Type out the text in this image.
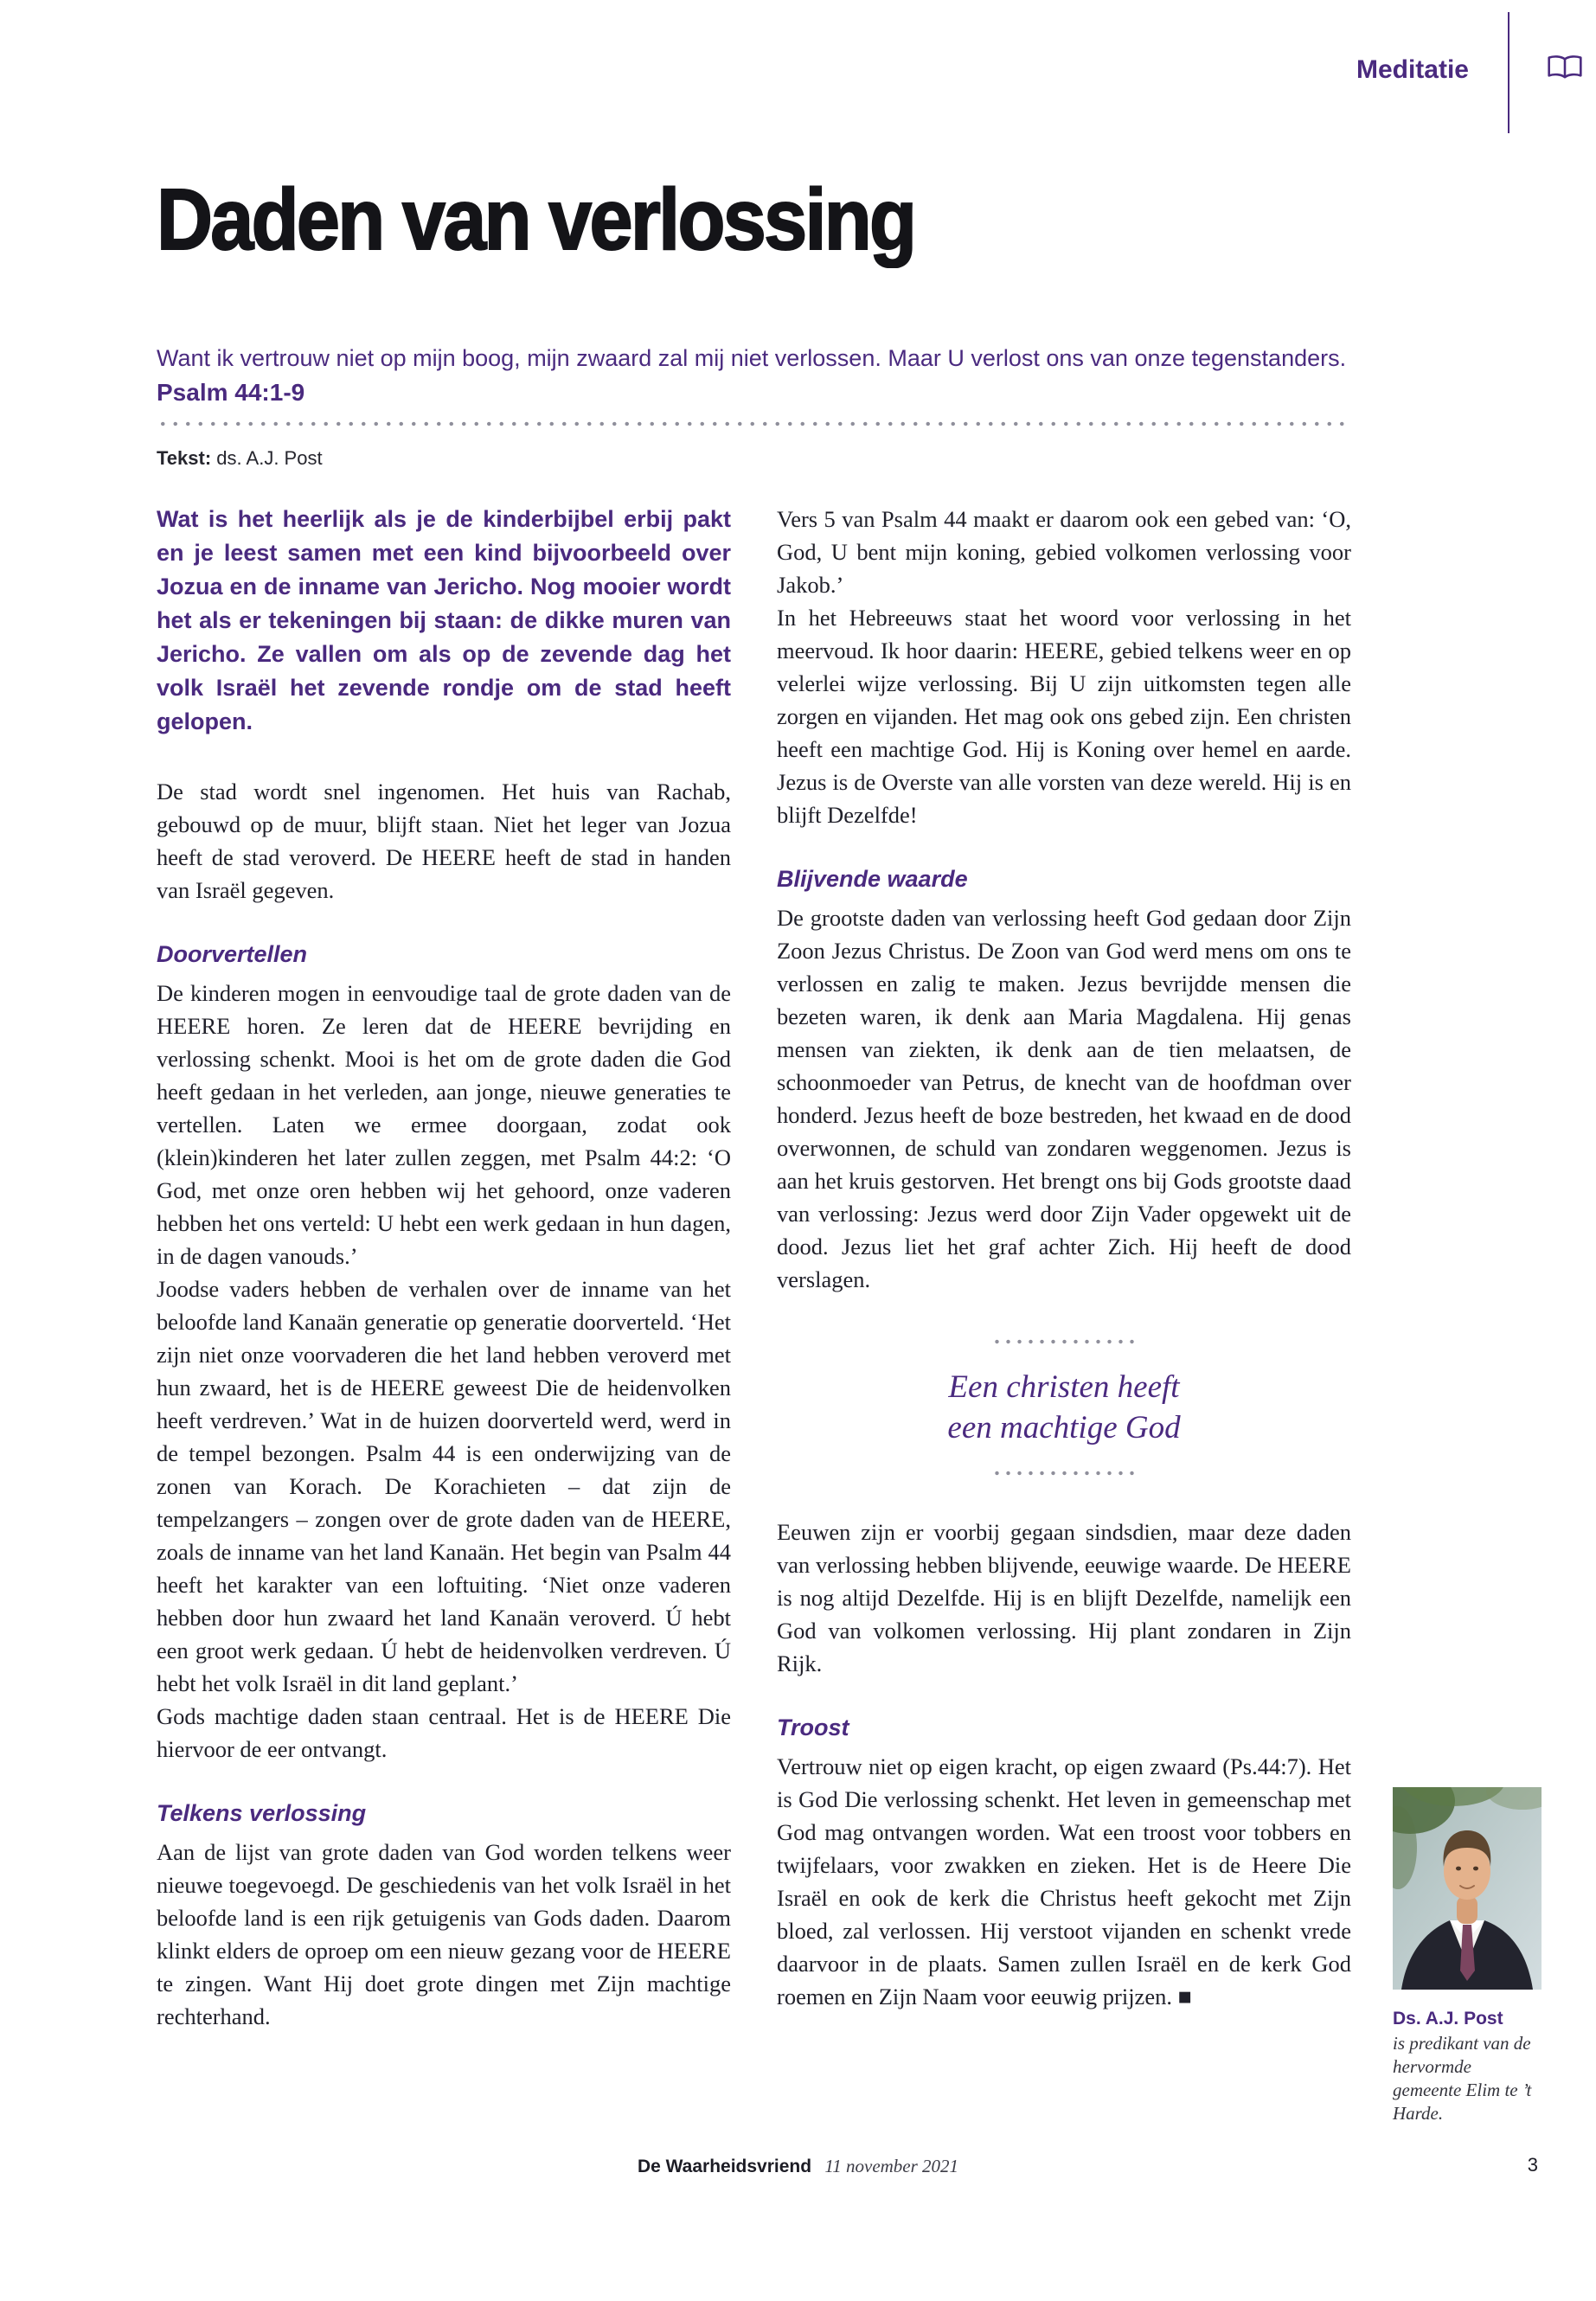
Meditatie
Daden van verlossing
Want ik vertrouw niet op mijn boog, mijn zwaard zal mij niet verlossen. Maar U verlost ons van onze tegenstanders.
Psalm 44:1-9
Tekst: ds. A.J. Post

Wat is het heerlijk als je de kinderbijbel erbij pakt en je leest samen met een kind bijvoorbeeld over Jozua en de inname van Jericho. Nog mooier wordt het als er tekeningen bij staan: de dikke muren van Jericho. Ze vallen om als op de zevende dag het volk Israël het zevende rondje om de stad heeft gelopen.

De stad wordt snel ingenomen. Het huis van Rachab, gebouwd op de muur, blijft staan. Niet het leger van Jozua heeft de stad veroverd. De HEERE heeft de stad in handen van Israël gegeven.

Doorvertellen

De kinderen mogen in eenvoudige taal de grote daden van de HEERE horen. Ze leren dat de HEERE bevrijding en verlossing schenkt. Mooi is het om de grote daden die God heeft gedaan in het verleden, aan jonge, nieuwe generaties te vertellen. Laten we ermee doorgaan, zodat ook (klein)kinderen het later zullen zeggen, met Psalm 44:2: ‘O God, met onze oren hebben wij het gehoord, onze vaderen hebben het ons verteld: U hebt een werk gedaan in hun dagen, in de dagen vanouds.’

Joodse vaders hebben de verhalen over de inname van het beloofde land Kanaän generatie op generatie doorverteld. ‘Het zijn niet onze voorvaderen die het land hebben veroverd met hun zwaard, het is de HEERE geweest Die de heidenvolken heeft verdreven.’ Wat in de huizen doorverteld werd, werd in de tempel bezongen. Psalm 44 is een onderwijzing van de zonen van Korach. De Korachieten – dat zijn de tempelzangers – zongen over de grote daden van de HEERE, zoals de inname van het land Kanaän. Het begin van Psalm 44 heeft het karakter van een loftuiting. ‘Niet onze vaderen hebben door hun zwaard het land Kanaän veroverd. Ú hebt een groot werk gedaan. Ú hebt de heidenvolken verdreven. Ú hebt het volk Israël in dit land geplant.’

Gods machtige daden staan centraal. Het is de HEERE Die hiervoor de eer ontvangt.

Telkens verlossing

Aan de lijst van grote daden van God worden telkens weer nieuwe toegevoegd. De geschiedenis van het volk Israël in het beloofde land is een rijk getuigenis van Gods daden. Daarom klinkt elders de oproep om een nieuw gezang voor de HEERE te zingen. Want Hij doet grote dingen met Zijn machtige rechterhand.

Vers 5 van Psalm 44 maakt er daarom ook een gebed van: ‘O, God, U bent mijn koning, gebied volkomen verlossing voor Jakob.’

In het Hebreeuws staat het woord voor verlossing in het meervoud. Ik hoor daarin: HEERE, gebied telkens weer en op velerlei wijze verlossing. Bij U zijn uitkomsten tegen alle zorgen en vijanden. Het mag ook ons gebed zijn. Een christen heeft een machtige God. Hij is Koning over hemel en aarde. Jezus is de Overste van alle vorsten van deze wereld. Hij is en blijft Dezelfde!

Blijvende waarde

De grootste daden van verlossing heeft God gedaan door Zijn Zoon Jezus Christus. De Zoon van God werd mens om ons te verlossen en zalig te maken. Jezus bevrijdde mensen die bezeten waren, ik denk aan Maria Magdalena. Hij genas mensen van ziekten, ik denk aan de tien melaatsen, de schoonmoeder van Petrus, de knecht van de hoofdman over honderd. Jezus heeft de boze bestreden, het kwaad en de dood overwonnen, de schuld van zondaren weggenomen. Jezus is aan het kruis gestorven. Het brengt ons bij Gods grootste daad van verlossing: Jezus werd door Zijn Vader opgewekt uit de dood. Jezus liet het graf achter Zich. Hij heeft de dood verslagen.

Een christen heeft
een machtige God

Eeuwen zijn er voorbij gegaan sindsdien, maar deze daden van verlossing hebben blijvende, eeuwige waarde. De HEERE is nog altijd Dezelfde. Hij is en blijft Dezelfde, namelijk een God van volkomen verlossing. Hij plant zondaren in Zijn Rijk.

Troost

Vertrouw niet op eigen kracht, op eigen zwaard (Ps.44:7). Het is God Die verlossing schenkt. Het leven in gemeenschap met God mag ontvangen worden. Wat een troost voor tobbers en twijfelaars, voor zwakken en zieken. Het is de Heere Die Israël en ook de kerk die Christus heeft gekocht met Zijn bloed, zal verlossen. Hij verstoot vijanden en schenkt vrede daarvoor in de plaats. Samen zullen Israël en de kerk God roemen en Zijn Naam voor eeuwig prijzen. ■

Ds. A.J. Post
is predikant van de hervormde gemeente Elim te ’t Harde.
De Waarheidsvriend 11 november 2021	3
